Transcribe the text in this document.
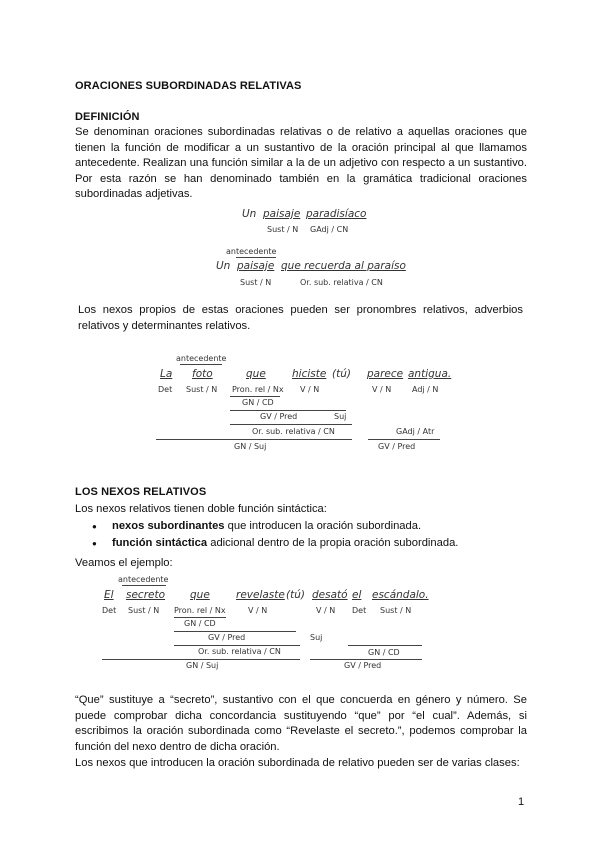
ORACIONES SUBORDINADAS RELATIVAS
DEFINICIÓN
Se denominan oraciones subordinadas relativas o de relativo a aquellas oraciones que tienen la función de modificar a un sustantivo de la oración principal al que llamamos antecedente. Realizan una función similar a la de un adjetivo con respecto a un sustantivo. Por esta razón se han denominado también en la gramática tradicional oraciones subordinadas adjetivas.
Un paisaje paradisíaco
Sust / N GAdj / CN
antecedente
Un paisaje que recuerda al paraíso
Sust / N	Or. sub. relativa / CN
Los nexos propios de estas oraciones pueden ser pronombres relativos, adverbios relativos y determinantes relativos.
antecedente
La foto	que hiciste (tú) parece antigua.
Det Sust / N Pron. rel / Nx V / N	V / N	Adj / N
GN / CD
GV / Pred	Suj
Or. sub. relativa / CN	GAdj / Atr
GN / Suj	GV / Pred
LOS NEXOS RELATIVOS
Los nexos relativos tienen doble función sintáctica:
● nexos subordinantes que introducen la oración subordinada.
● función sintáctica adicional dentro de la propia oración subordinada.
Veamos el ejemplo:
antecedente
El secreto que revelaste (tú) desató el escándalo.
Det Sust / N Pron. rel / Nx	V / N	V / N Det Sust / N
GN / CD
GV / Pred	Suj
Or. sub. relativa / CN	GN / CD
GN / Suj	GV / Pred
“Que” sustituye a “secreto”, sustantivo con el que concuerda en género y número. Se puede comprobar dicha concordancia sustituyendo “que” por “el cual”. Además, si escribimos la oración subordinada como “Revelaste el secreto.”, podemos comprobar la función del nexo dentro de dicha oración.
Los nexos que introducen la oración subordinada de relativo pueden ser de varias clases:
1
